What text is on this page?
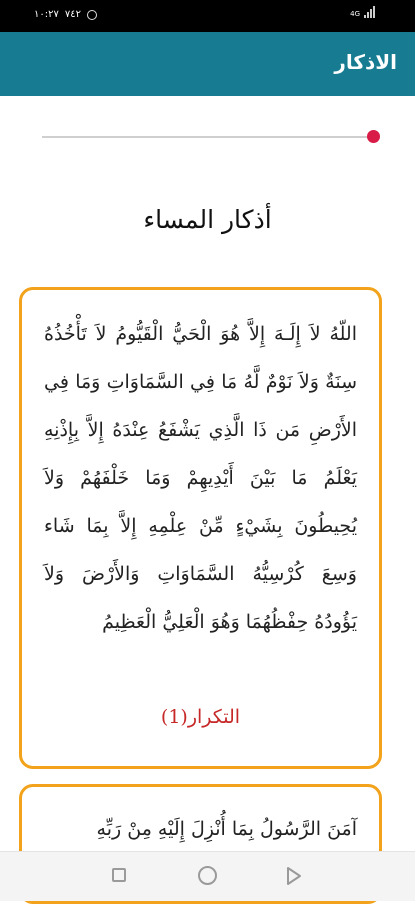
١٠:٢٧ ٧٤٢	4G
الاذكار
أذكار المساء
اللّهُ لاَ إِلَـهَ إِلاَّ هُوَ الْحَيُّ الْقَيُّومُ لاَ تَأْخُذُهُ سِنَةٌ وَلاَ نَوْمٌ لَّهُ مَا فِي السَّمَاوَاتِ وَمَا فِي الأَرْضِ مَن ذَا الَّذِي يَشْفَعُ عِنْدَهُ إِلاَّ بِإِذْنِهِ يَعْلَمُ مَا بَيْنَ أَيْدِيهِمْ وَمَا خَلْفَهُمْ وَلاَ يُحِيطُونَ بِشَيْءٍ مِّنْ عِلْمِهِ إِلاَّ بِمَا شَاء وَسِعَ كُرْسِيُّهُ السَّمَاوَاتِ وَالأَرْضَ وَلاَ يَؤُودُهُ حِفْظُهُمَا وَهُوَ الْعَلِيُّ الْعَظِيمُ
التكرار(1)
آمَنَ الرَّسُولُ بِمَا أُنْزِلَ إِلَيْهِ مِنْ رَبِّهِ
